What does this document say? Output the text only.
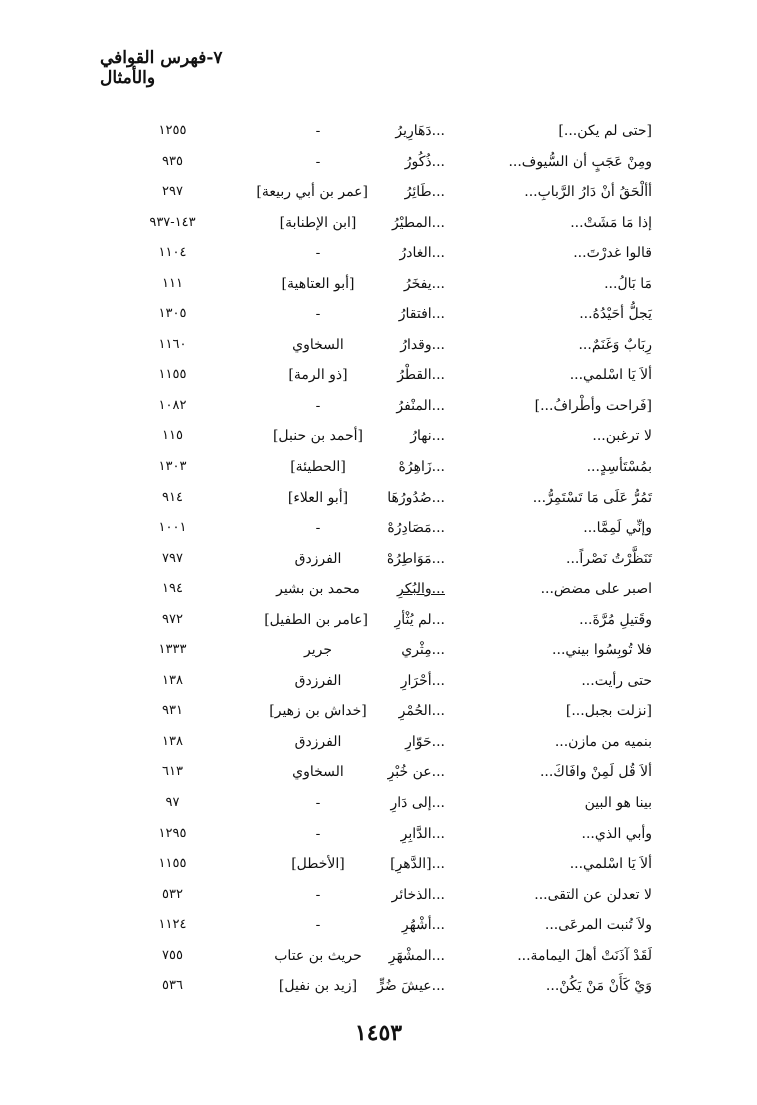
٧-فهرس القوافي والأمثال
[حتى لم يكن...]
...دَهَارِيرُ
-
١٢٥٥
ومِنْ عَجَبٍ أن السُّيوف...
...ذُكُورُ
-
٩٣٥
أألْحَقُ أنْ دَارُ الرَّبابِ...
...طَائِرُ
[عمر بن أبي ربيعة]
٢٩٧
إذا مَا مَشَتْ...
...المطيْرُ
[ابن الإطنابة]
١٤٣-٩٣٧
قالوا غدرْتَ...
...الغادرُ
-
١١٠٤
مَا بَالُ...
...يفخَرُ
[أبو العتاهية]
١١١
يَجلُّ أحَيْدُهُ...
...افتقارُ
-
١٣٠٥
رِبَابٌ وَغَنَمٌ...
...وقدارُ
السخاوي
١١٦٠
ألاَ يَا اسْلمي...
...القطْرُ
[ذو الرمة]
١١٥٥
[فَراحت وأطْرافُ...]
...المنْفرُ
-
١٠٨٢
لا ترغبن...
...نهارُ
[أحمد بن حنبل]
١١٥
بمُسْتَأسِدٍ...
...زَاهِرُهْ
[الحطيئة]
١٣٠٣
تَمُرُّ عَلَى مَا تَسْتَمِرُّ...
...صُدُورُهَا
[أبو العلاء]
٩١٤
وإنِّي لَمِمَّا...
...مَصَادِرُهْ
-
١٠٠١
تَنَظَّرْتُ نَصْراً...
...مَوَاطِرُهْ
الفرزدق
٧٩٧
اصبر على مضض...
...والبُكرِ
محمد بن بشير
١٩٤
وقَتيلِ مُرَّةَ...
...لم يُثْأرِ
[عامر بن الطفيل]
٩٧٢
فلا تُوبِسُوا بيني...
...مِثْري
جرير
١٣٣٣
حتى رأيت...
...أحْرَارِ
الفرزدق
١٣٨
[نزلت بجبل...]
...الحُمْرِ
[خداش بن زهير]
٩٣١
بنميه من مازن...
...حَوّارِ
الفرزدق
١٣٨
ألاَ قُل لَمِنْ وافَاكَ...
...عن خُبْرِ
السخاوي
٦١٣
بينا هو البين
...إلى دَارِ
-
٩٧
وأبي الذي...
...الدَّابِرِ
-
١٢٩٥
ألاَ يَا اسْلمي...
...[الدَّهرِ]
[الأخطل]
١١٥٥
لا تعدلن عن التقى...
...الذخائر
-
٥٣٢
ولاَ تُنبت المرعَى...
...أشْهُرِ
-
١١٢٤
لَقَدْ آذَنَتْ أهلَ اليمامة...
...المشْهَرِ
حريث بن عتاب
٧٥٥
وَيْ كَأَنْ مَنْ يَكُنْ...
...عيشَ ضُرٍّ
[زيد بن نفيل]
٥٣٦
١٤٥٣
